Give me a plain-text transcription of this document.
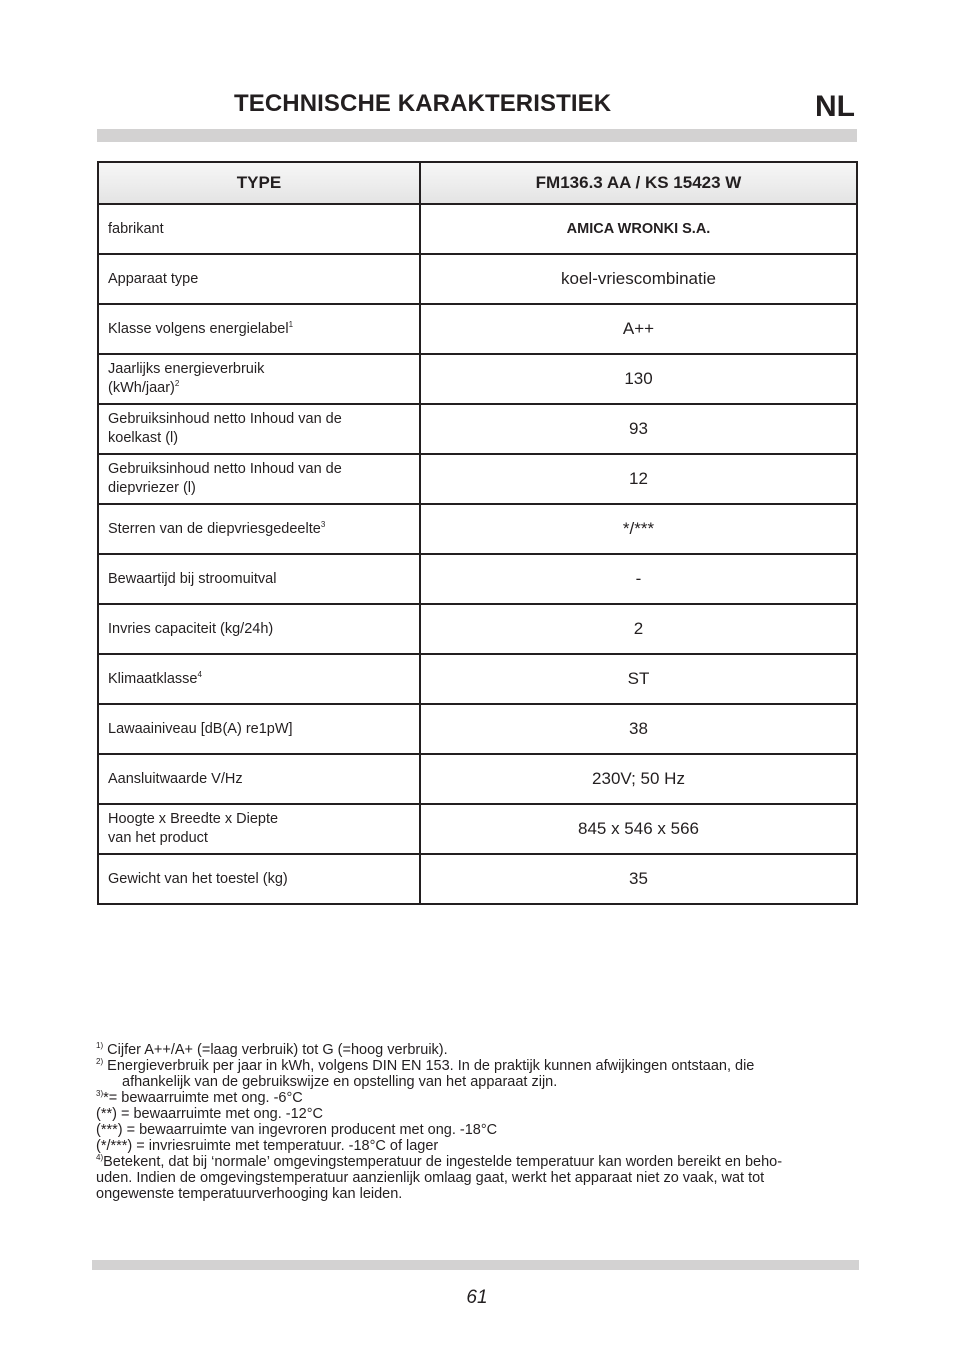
TECHNISCHE KARAKTERISTIEK	NL
TYPE	FM136.3 AA / KS 15423 W
fabrikant	AMICA WRONKI S.A.
Apparaat type	koel-vriescombinatie
Klasse volgens energielabel$^1$	A++
Jaarlijks energieverbruik
(kWh/jaar)$^2$	130
Gebruiksinhoud netto Inhoud van de
koelkast (l)	93
Gebruiksinhoud netto Inhoud van de
diepvriezer (l)	12
Sterren van de diepvriesgedeelte$^3$	*/***
Bewaartijd bij stroomuitval	-
Invries capaciteit (kg/24h)	2
Klimaatklasse$^4$	ST
Lawaainiveau [dB(A) re1pW]	38
Aansluitwaarde V/Hz	230V; 50 Hz
Hoogte x Breedte x Diepte
van het product	845 x 546 x 566
Gewicht van het toestel (kg)	35

$^{1)}$ Cijfer A++/A+ (=laag verbruik) tot G (=hoog verbruik).

$^{2)}$ Energieverbruik per jaar in kWh, volgens DIN EN 153. In de praktijk kunnen afwijkingen ontstaan, die

afhankelijk van de gebruikswijze en opstelling van het apparaat zijn.

$^{3)}$*= bewaarruimte met ong. -6°C

(**) = bewaarruimte met ong. -12°C

(***) = bewaarruimte van ingevroren producent met ong. -18°C

(*/***) = invriesruimte met temperatuur. -18°C of lager

$^{4)}$Betekent, dat bij ‘normale’ omgevingstemperatuur de ingestelde temperatuur kan worden bereikt en beho-

uden. Indien de omgevingstemperatuur aanzienlijk omlaag gaat, werkt het apparaat niet zo vaak, wat tot

ongewenste temperatuurverhooging kan leiden.

61
